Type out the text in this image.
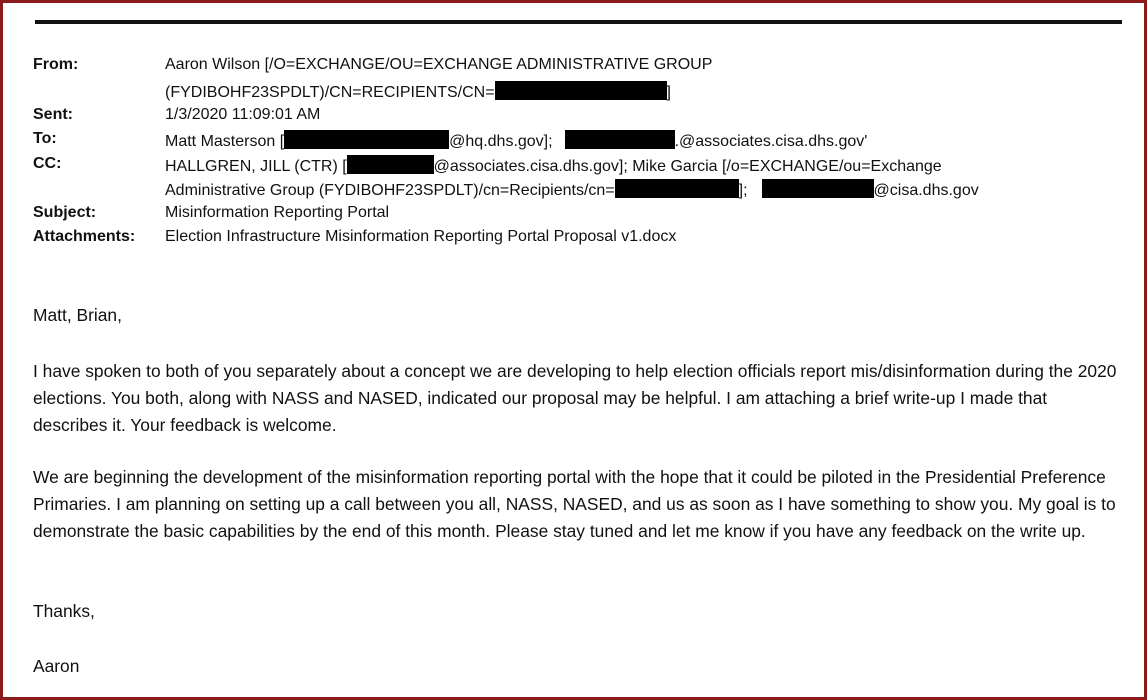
From:	Aaron Wilson [/O=EXCHANGE/OU=EXCHANGE ADMINISTRATIVE GROUP
(FYDIBOHF23SPDLT)/CN=RECIPIENTS/CN=	]
Sent:	1/3/2020 11:09:01 AM
To:	Matt Masterson [	@hq.dhs.gov];	.@associates.cisa.dhs.gov'
CC:	HALLGREN, JILL (CTR) [	@associates.cisa.dhs.gov]; Mike Garcia [/o=EXCHANGE/ou=Exchange
Administrative Group (FYDIBOHF23SPDLT)/cn=Recipients/cn=	];	@cisa.dhs.gov
Subject:	Misinformation Reporting Portal
Attachments: Election Infrastructure Misinformation Reporting Portal Proposal v1.docx

Matt, Brian,

I have spoken to both of you separately about a concept we are developing to help election officials report mis/disinformation during the 2020 elections. You both, along with NASS and NASED, indicated our proposal may be helpful. I am attaching a brief write-up I made that describes it. Your feedback is welcome.

We are beginning the development of the misinformation reporting portal with the hope that it could be piloted in the Presidential Preference Primaries. I am planning on setting up a call between you all, NASS, NASED, and us as soon as I have something to show you. My goal is to demonstrate the basic capabilities by the end of this month. Please stay tuned and let me know if you have any feedback on the write up.

Thanks,

Aaron
